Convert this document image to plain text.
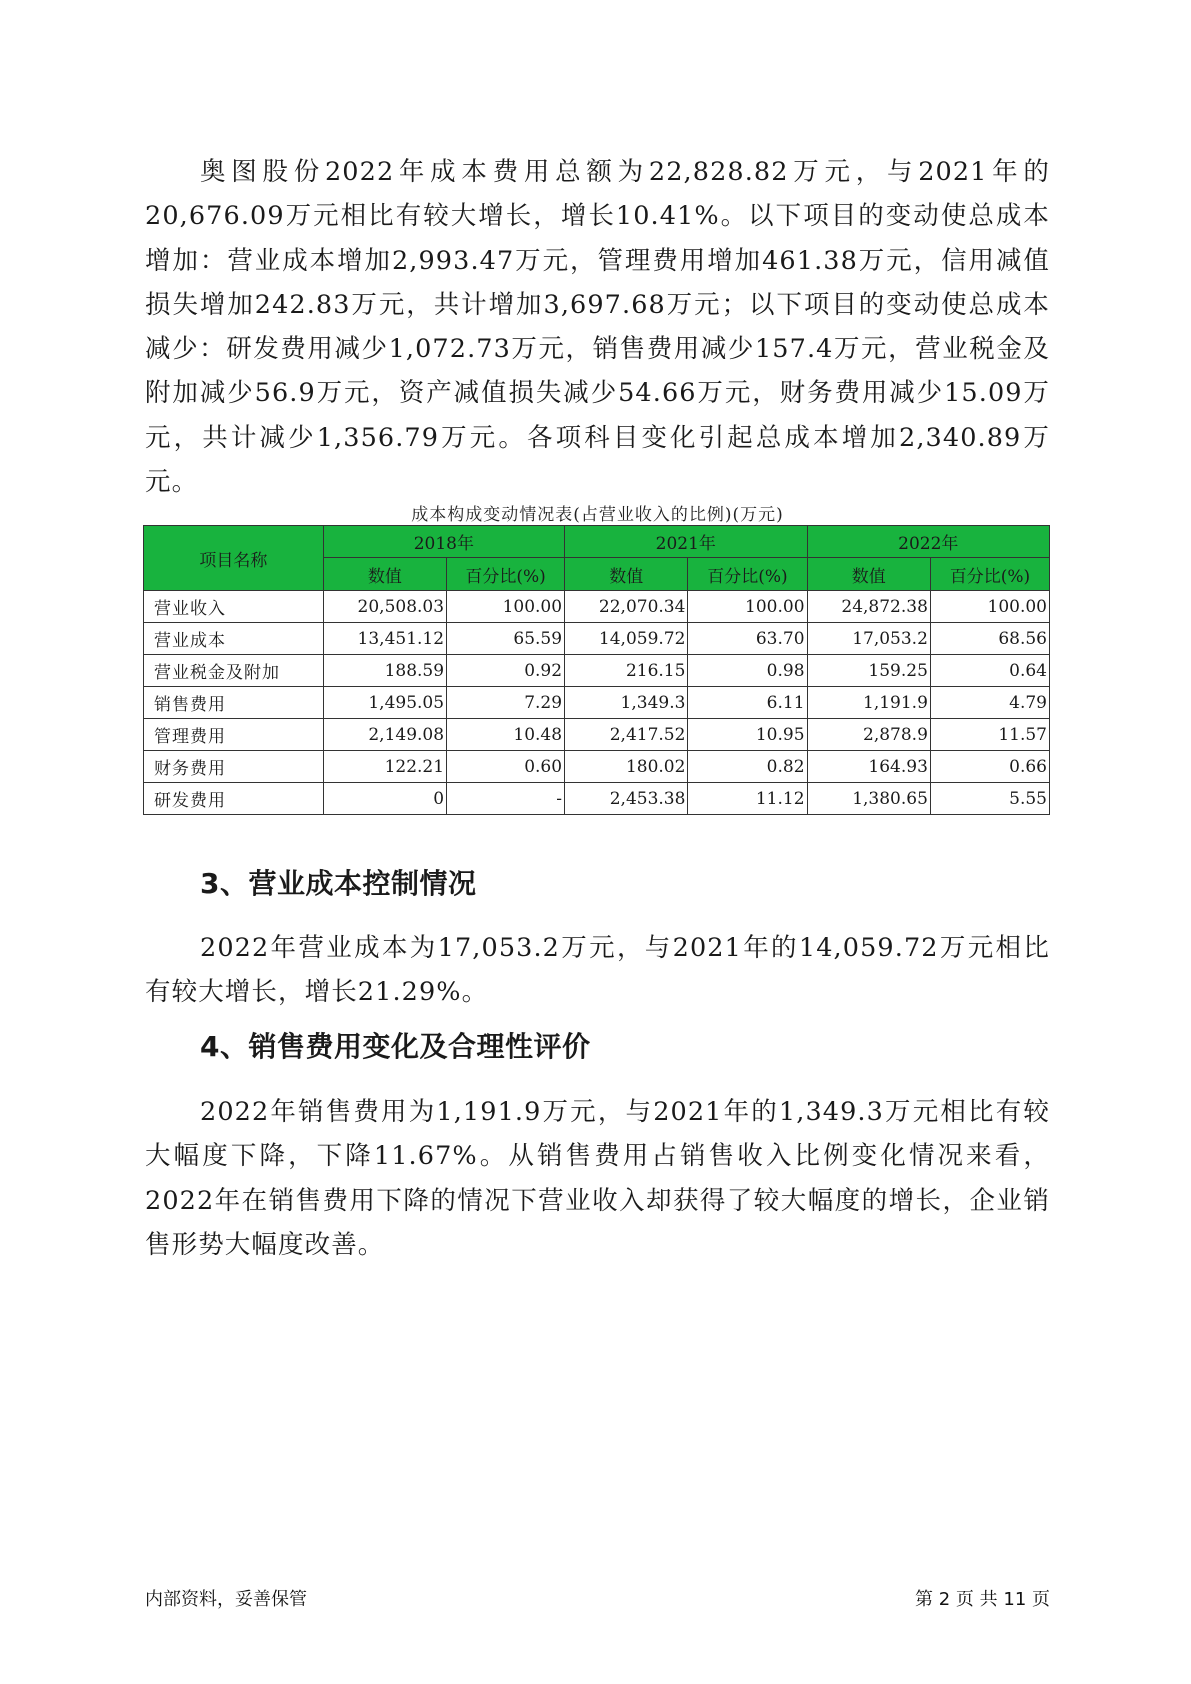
奥图股份2022年成本费用总额为22,828.82万元，与2021年的20,676.09万元相比有较大增长，增长10.41%。以下项目的变动使总成本增加：营业成本增加2,993.47万元，管理费用增加461.38万元，信用减值损失增加242.83万元，共计增加3,697.68万元；以下项目的变动使总成本减少：研发费用减少1,072.73万元，销售费用减少157.4万元，营业税金及附加减少56.9万元，资产减值损失减少54.66万元，财务费用减少15.09万元，共计减少1,356.79万元。各项科目变化引起总成本增加2,340.89万元。

成本构成变动情况表(占营业收入的比例)(万元)
项目名称	2018年		2021年		2022年	
	数值	百分比(%)	数值	百分比(%)	数值	百分比(%)
营业收入	20,508.03	100.00	22,070.34	100.00	24,872.38	100.00
营业成本	13,451.12	65.59	14,059.72	63.70	17,053.2	68.56
营业税金及附加	188.59	0.92	216.15	0.98	159.25	0.64
销售费用	1,495.05	7.29	1,349.3	6.11	1,191.9	4.79
管理费用	2,149.08	10.48	2,417.52	10.95	2,878.9	11.57
财务费用	122.21	0.60	180.02	0.82	164.93	0.66
研发费用	0	-	2,453.38	11.12	1,380.65	5.55
3、营业成本控制情况

2022年营业成本为17,053.2万元，与2021年的14,059.72万元相比有较大增长，增长21.29%。

4、销售费用变化及合理性评价

2022年销售费用为1,191.9万元，与2021年的1,349.3万元相比有较大幅度下降，下降11.67%。从销售费用占销售收入比例变化情况来看，2022年在销售费用下降的情况下营业收入却获得了较大幅度的增长，企业销售形势大幅度改善。

内部资料，妥善保管	第 2 页 共 11 页
